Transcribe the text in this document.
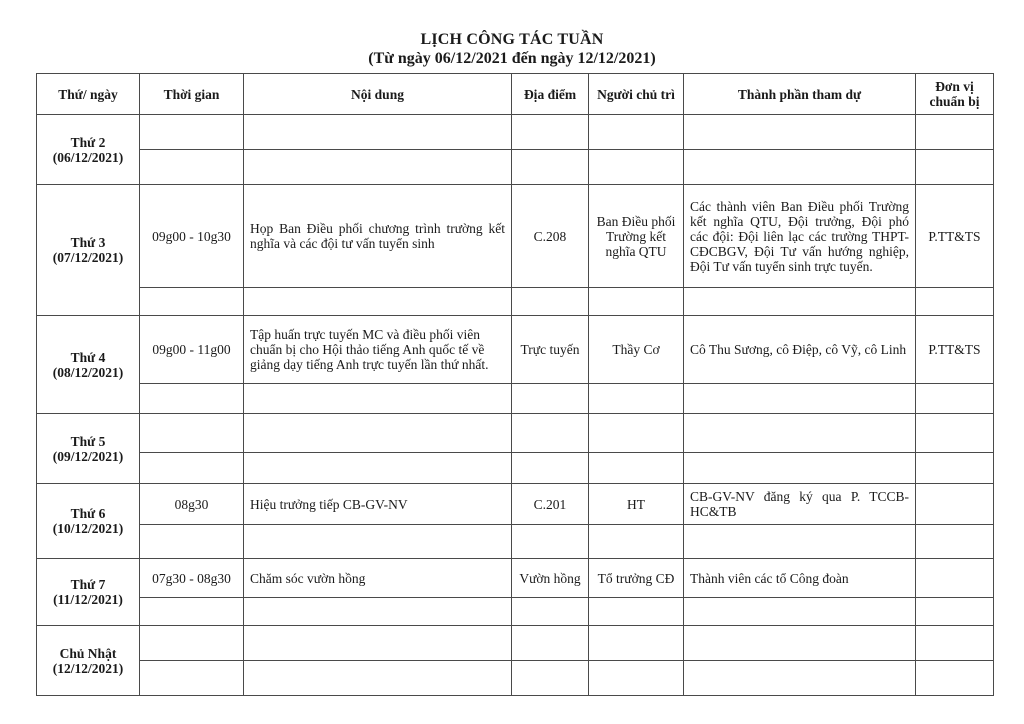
LỊCH CÔNG TÁC TUẦN
(Từ ngày 06/12/2021 đến ngày 12/12/2021)
Thứ/ ngày	Thời gian	Nội dung	Địa điểm	Người chủ trì	Thành phần tham dự	Đơn vị chuẩn bị

Thứ 2
(06/12/2021)						

Thứ 3
(07/12/2021)	09g00 - 10g30	Họp Ban Điều phối chương trình trường kết nghĩa và các đội tư vấn tuyển sinh	C.208	Ban Điều phối Trường kết nghĩa QTU	Các thành viên Ban Điều phối Trường kết nghĩa QTU, Đội trưởng, Đội phó các đội: Đội liên lạc các trường THPT-CĐCBGV, Đội Tư vấn hướng nghiệp, Đội Tư vấn tuyển sinh trực tuyến.	P.TT&TS

Thứ 4
(08/12/2021)	09g00 - 11g00	Tập huấn trực tuyến MC và điều phối viên chuẩn bị cho Hội thảo tiếng Anh quốc tế về giảng dạy tiếng Anh trực tuyến lần thứ nhất.	Trực tuyến	Thầy Cơ	Cô Thu Sương, cô Điệp, cô Vỹ, cô Linh	P.TT&TS

Thứ 5
(09/12/2021)						

Thứ 6
(10/12/2021)	08g30	Hiệu trưởng tiếp CB-GV-NV	C.201	HT	CB-GV-NV đăng ký qua P. TCCB-HC&TB	

Thứ 7
(11/12/2021)	07g30 - 08g30	Chăm sóc vườn hồng	Vườn hồng	Tổ trưởng CĐ	Thành viên các tổ Công đoàn	

Chủ Nhật
(12/12/2021)						
